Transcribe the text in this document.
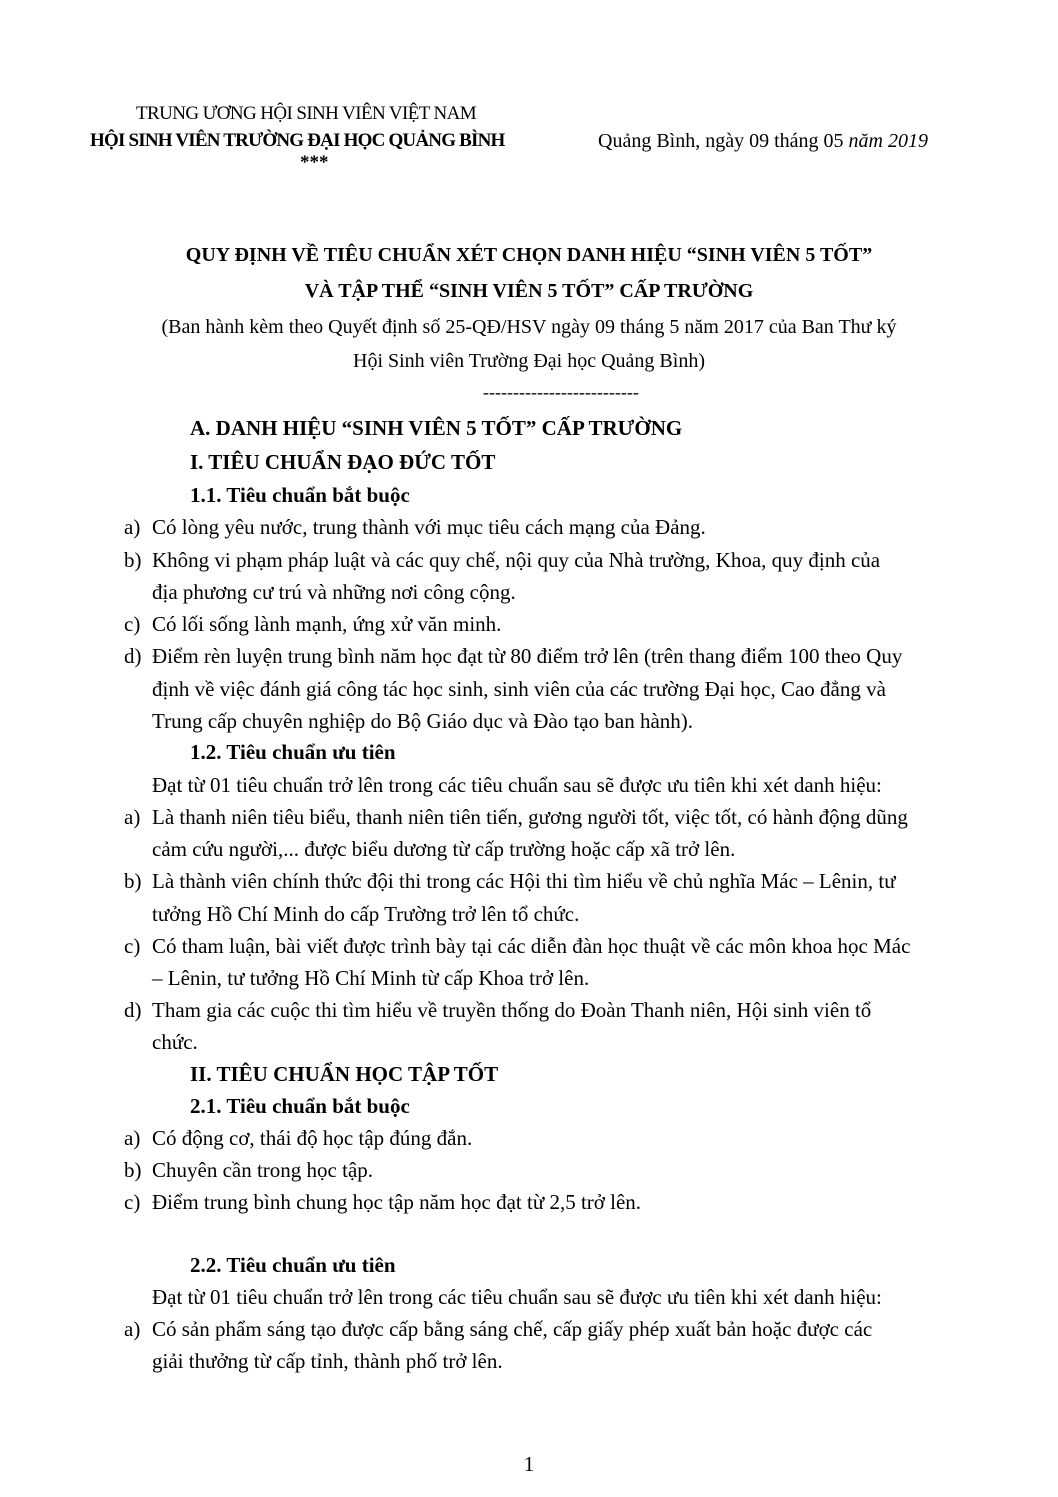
TRUNG ƯƠNG HỘI SINH VIÊN VIỆT NAM
HỘI SINH VIÊN TRƯỜNG ĐẠI HỌC QUẢNG BÌNH
***
Quảng Bình, ngày 09 tháng 05 năm 2019
QUY ĐỊNH VỀ TIÊU CHUẨN XÉT CHỌN DANH HIỆU “SINH VIÊN 5 TỐT”
VÀ TẬP THỂ “SINH VIÊN 5 TỐT” CẤP TRƯỜNG
(Ban hành kèm theo Quyết định số 25-QĐ/HSV ngày 09 tháng 5 năm 2017 của Ban Thư ký
Hội Sinh viên Trường Đại học Quảng Bình)
--------------------------
A. DANH HIỆU “SINH VIÊN 5 TỐT” CẤP TRƯỜNG
I. TIÊU CHUẨN ĐẠO ĐỨC TỐT
1.1. Tiêu chuẩn bắt buộc
a) Có lòng yêu nước, trung thành với mục tiêu cách mạng của Đảng.
b) Không vi phạm pháp luật và các quy chế, nội quy của Nhà trường, Khoa, quy định của
địa phương cư trú và những nơi công cộng.
c) Có lối sống lành mạnh, ứng xử văn minh.
d) Điểm rèn luyện trung bình năm học đạt từ 80 điểm trở lên (trên thang điểm 100 theo Quy
định về việc đánh giá công tác học sinh, sinh viên của các trường Đại học, Cao đẳng và
Trung cấp chuyên nghiệp do Bộ Giáo dục và Đào tạo ban hành).
1.2. Tiêu chuẩn ưu tiên
Đạt từ 01 tiêu chuẩn trở lên trong các tiêu chuẩn sau sẽ được ưu tiên khi xét danh hiệu:
a) Là thanh niên tiêu biểu, thanh niên tiên tiến, gương người tốt, việc tốt, có hành động dũng
cảm cứu người,... được biểu dương từ cấp trường hoặc cấp xã trở lên.
b) Là thành viên chính thức đội thi trong các Hội thi tìm hiểu về chủ nghĩa Mác – Lênin, tư
tưởng Hồ Chí Minh do cấp Trường trở lên tổ chức.
c) Có tham luận, bài viết được trình bày tại các diễn đàn học thuật về các môn khoa học Mác
– Lênin, tư tưởng Hồ Chí Minh từ cấp Khoa trở lên.
d) Tham gia các cuộc thi tìm hiểu về truyền thống do Đoàn Thanh niên, Hội sinh viên tổ
chức.
II. TIÊU CHUẨN HỌC TẬP TỐT
2.1. Tiêu chuẩn bắt buộc
a) Có động cơ, thái độ học tập đúng đắn.
b) Chuyên cần trong học tập.
c) Điểm trung bình chung học tập năm học đạt từ 2,5 trở lên.
2.2. Tiêu chuẩn ưu tiên
Đạt từ 01 tiêu chuẩn trở lên trong các tiêu chuẩn sau sẽ được ưu tiên khi xét danh hiệu:
a) Có sản phẩm sáng tạo được cấp bằng sáng chế, cấp giấy phép xuất bản hoặc được các
giải thưởng từ cấp tỉnh, thành phố trở lên.
1
